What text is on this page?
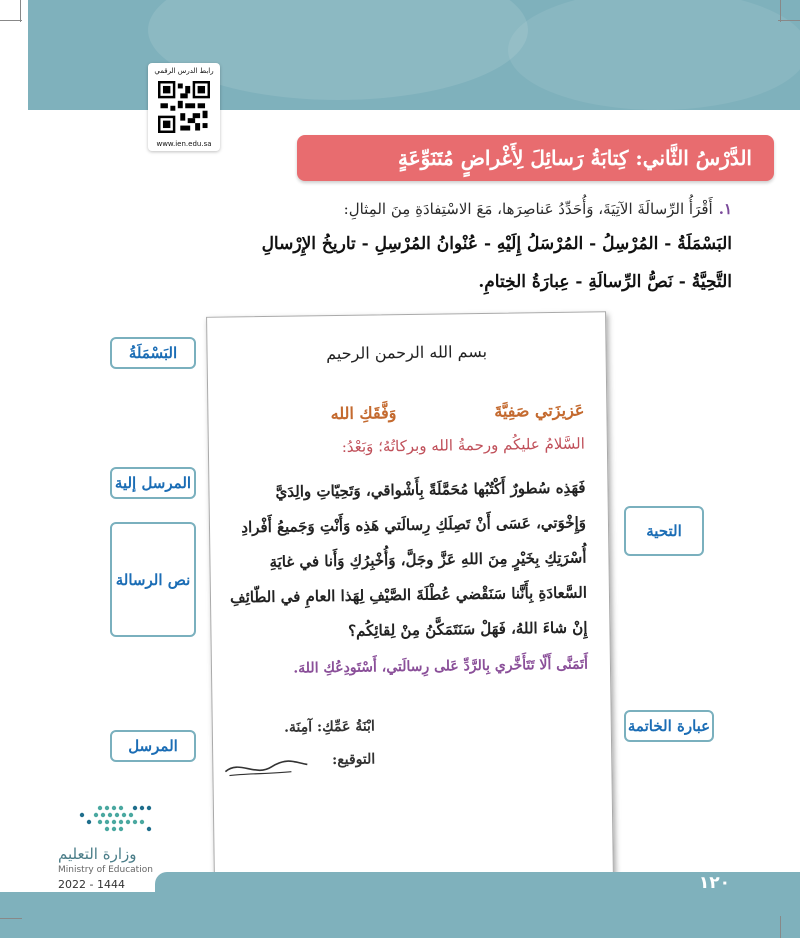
رابط الدرس الرقمي
www.ien.edu.sa
الدَّرْسُ الثَّاني: كِتابَةُ رَسائِلَ لِأَغْراضٍ مُتَنَوِّعَةٍ
١.أَقْرَأُ الرِّسالَةَ الآتِيَةَ، وَأُحَدِّدُ عَناصِرَها، مَعَ الاسْتِفادَةِ مِنَ المِثالِ:
البَسْمَلَةُ - المُرْسِلُ - المُرْسَلُ إِلَيْهِ - عُنْوانُ المُرْسِلِ - تاريخُ الإِرْسالِ
التَّحِيَّةُ - نَصُّ الرِّسالَةِ - عِبارَةُ الخِتامِ.
بسم الله الرحمن الرحيم
عَزيزَتي صَفِيَّةَ
وَفَّقَكِ الله
السَّلامُ عليكُم ورحمةُ الله وبركاتُهُ؛ وَبَعْدُ:
فَهَذِه سُطورٌ أَكْتُبُها مُحَمَّلَةً بِأَشْواقي، وَتَحِيّاتِ والِدَيَّ
وَإِخْوَتي، عَسَى أَنْ تَصِلَكِ رِسالَتي هَذِه وَأَنْتِ وَجَميعُ أَفْرادِ
أُسْرَتِكِ بِخَيْرٍ مِنَ اللهِ عَزَّ وجَلَّ، وَأُخْبِرُكِ وَأَنا في غايَةِ
السَّعادَةِ بِأَنَّنا سَنَقْضي عُطْلَةَ الصَّيْفِ لِهَذا العامِ في الطّائِفِ
إِنْ شاءَ اللهُ، فَهَلْ سَنَتَمَكَّنُ مِنْ لِقائِكُم؟
أَتَمَنَّى أَلّا تَتَأَخَّري بِالرَّدِّ عَلى رِسالَتي، أَسْتَودِعُكِ اللهَ.
ابْنَةُ عَمِّكِ: آمِنَة.
التوقيع:
البَسْمَلَةُ
المرسل إلية
نص الرسالة
المرسل
التحية
عبارة الخاتمة
وزارة التعليم
Ministry of Education
2022 - 1444	١٢٠
